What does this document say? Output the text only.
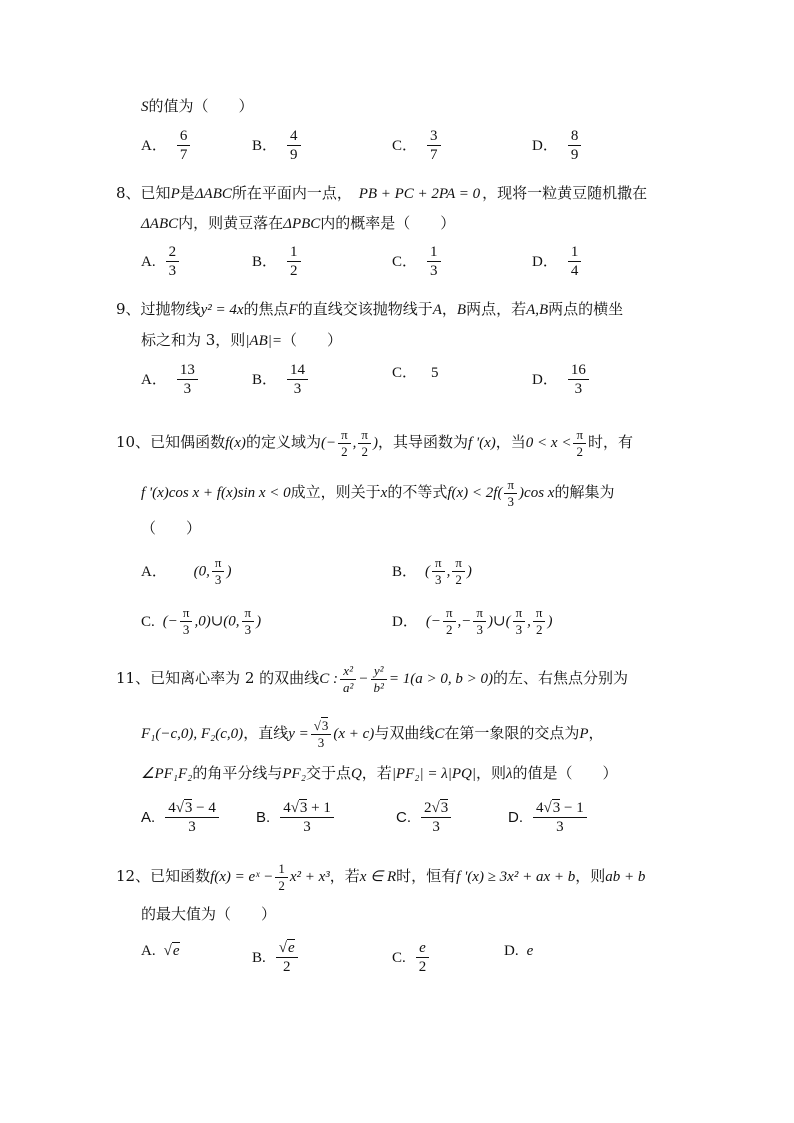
S的值为（　　）
A． $\frac{6}{7}$	B． $\frac{4}{9}$	C． $\frac{3}{7}$	D． $\frac{8}{9}$
8、已知P是ΔABC所在平面内一点， PB + PC + 2PA = 0 ，现将一粒黄豆随机撒在
ΔABC内，则黄豆落在ΔPBC内的概率是（　　）
A. $\frac{2}{3}$	B． $\frac{1}{2}$	C． $\frac{1}{3}$	D． $\frac{1}{4}$
9、过抛物线y² = 4x的焦点F的直线交该抛物线于A，B两点，若A,B两点的横坐
标之和为 3，则|AB|=（　　）
A． $\frac{13}{3}$	B． $\frac{14}{3}$	C． 5	D． $\frac{16}{3}$
10、已知偶函数f(x)的定义域为(− $\frac{\pi}{2}$ , $\frac{\pi}{2}$ )，其导函数为f '(x)，当$0 < x < \frac{\pi}{2}$ 时，有
f '(x)cos x + f(x)sin x < 0成立，则关于x的不等式$f(x) < 2f( \frac{\pi}{3} )\cos$ x的解集为
（　　）
A． (0, $\frac{\pi}{3}$ )	B． ( $\frac{\pi}{3}$ , $\frac{\pi}{2}$ )
C. (− $\frac{\pi}{3}$ ,0)∪(0, $\frac{\pi}{3}$ )	D． (− $\frac{\pi}{2}$ ,− $\frac{\pi}{3}$ )∪( $\frac{\pi}{3}$ , $\frac{\pi}{2}$ )
11、已知离心率为 2 的双曲线C : $\frac{\text{x²}}{\text{a²}} - \frac{\text{y²}}{\text{b²}} = 1(a > 0$, b > 0)的左、右焦点分别为
F₁(−c,0), F₂(c,0)，直线$y = \frac{√3}{3} (x + c)$与双曲线C在第一象限的交点为P，
∠PF₁F₂的角平分线与PF₂交于点Q，若|PF₂| = λ|PQ|，则λ的值是（　　）
A. $\frac{4√3 - 4}{3} B$. $\frac{4√3 + 1}{3}$	C. $\frac{2√3}{3}$	D. $\frac{4√3 - 1}{3}$
12、已知函数f(x) = eˣ − $\frac{1}{2} x^2 + x^3$，若x ∈ R时，恒有f '(x) ≥ 3x² + ax + b，则ab + b
的最大值为（　　）
A. √e	B. $\frac{√e}{2}$	C. $\frac{e}{2}$	D. e
